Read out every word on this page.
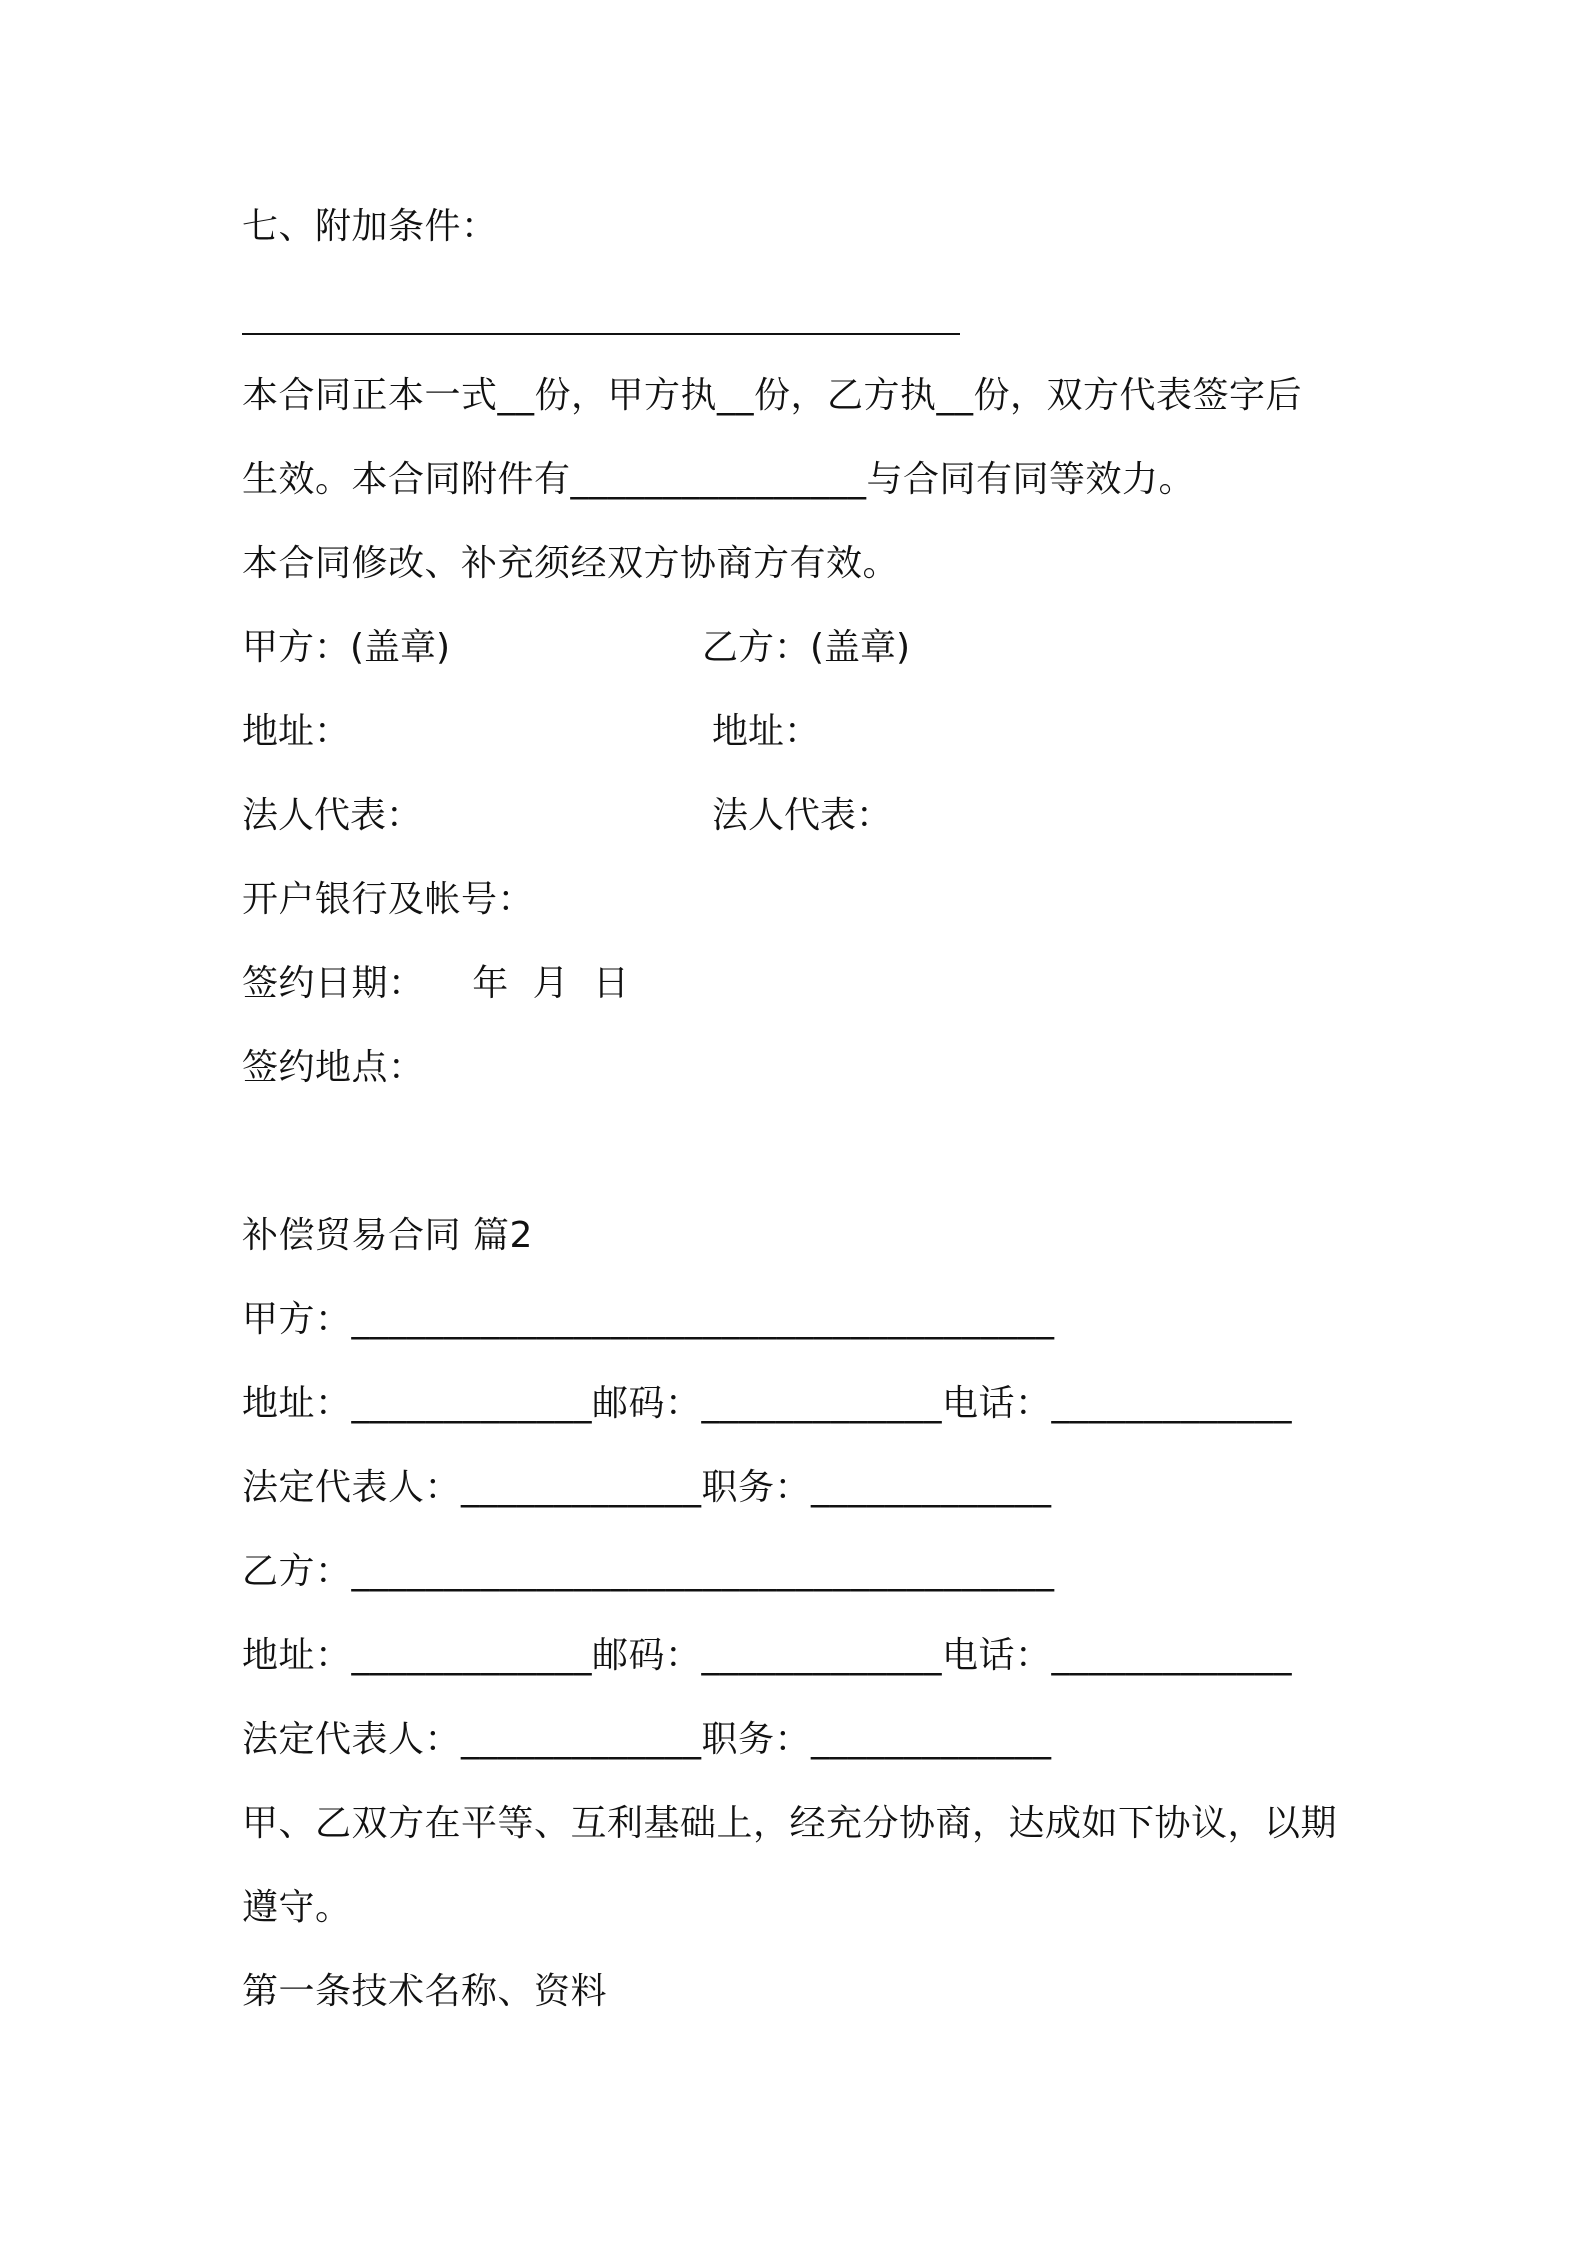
七、附加条件：
本合同正本一式__份，甲方执__份，乙方执__份，双方代表签字后
生效。本合同附件有________________与合同有同等效力。
本合同修改、补充须经双方协商方有效。
甲方：(盖章)	乙方：(盖章)
地址：	地址：
法人代表：	法人代表：
开户银行及帐号：
签约日期：    年  月  日
签约地点：
补偿贸易合同 篇2
甲方：______________________________________
地址：_____________邮码：_____________电话：_____________
法定代表人：_____________职务：_____________
乙方：______________________________________
地址：_____________邮码：_____________电话：_____________
法定代表人：_____________职务：_____________
甲、乙双方在平等、互利基础上，经充分协商，达成如下协议，以期
遵守。
第一条技术名称、资料
